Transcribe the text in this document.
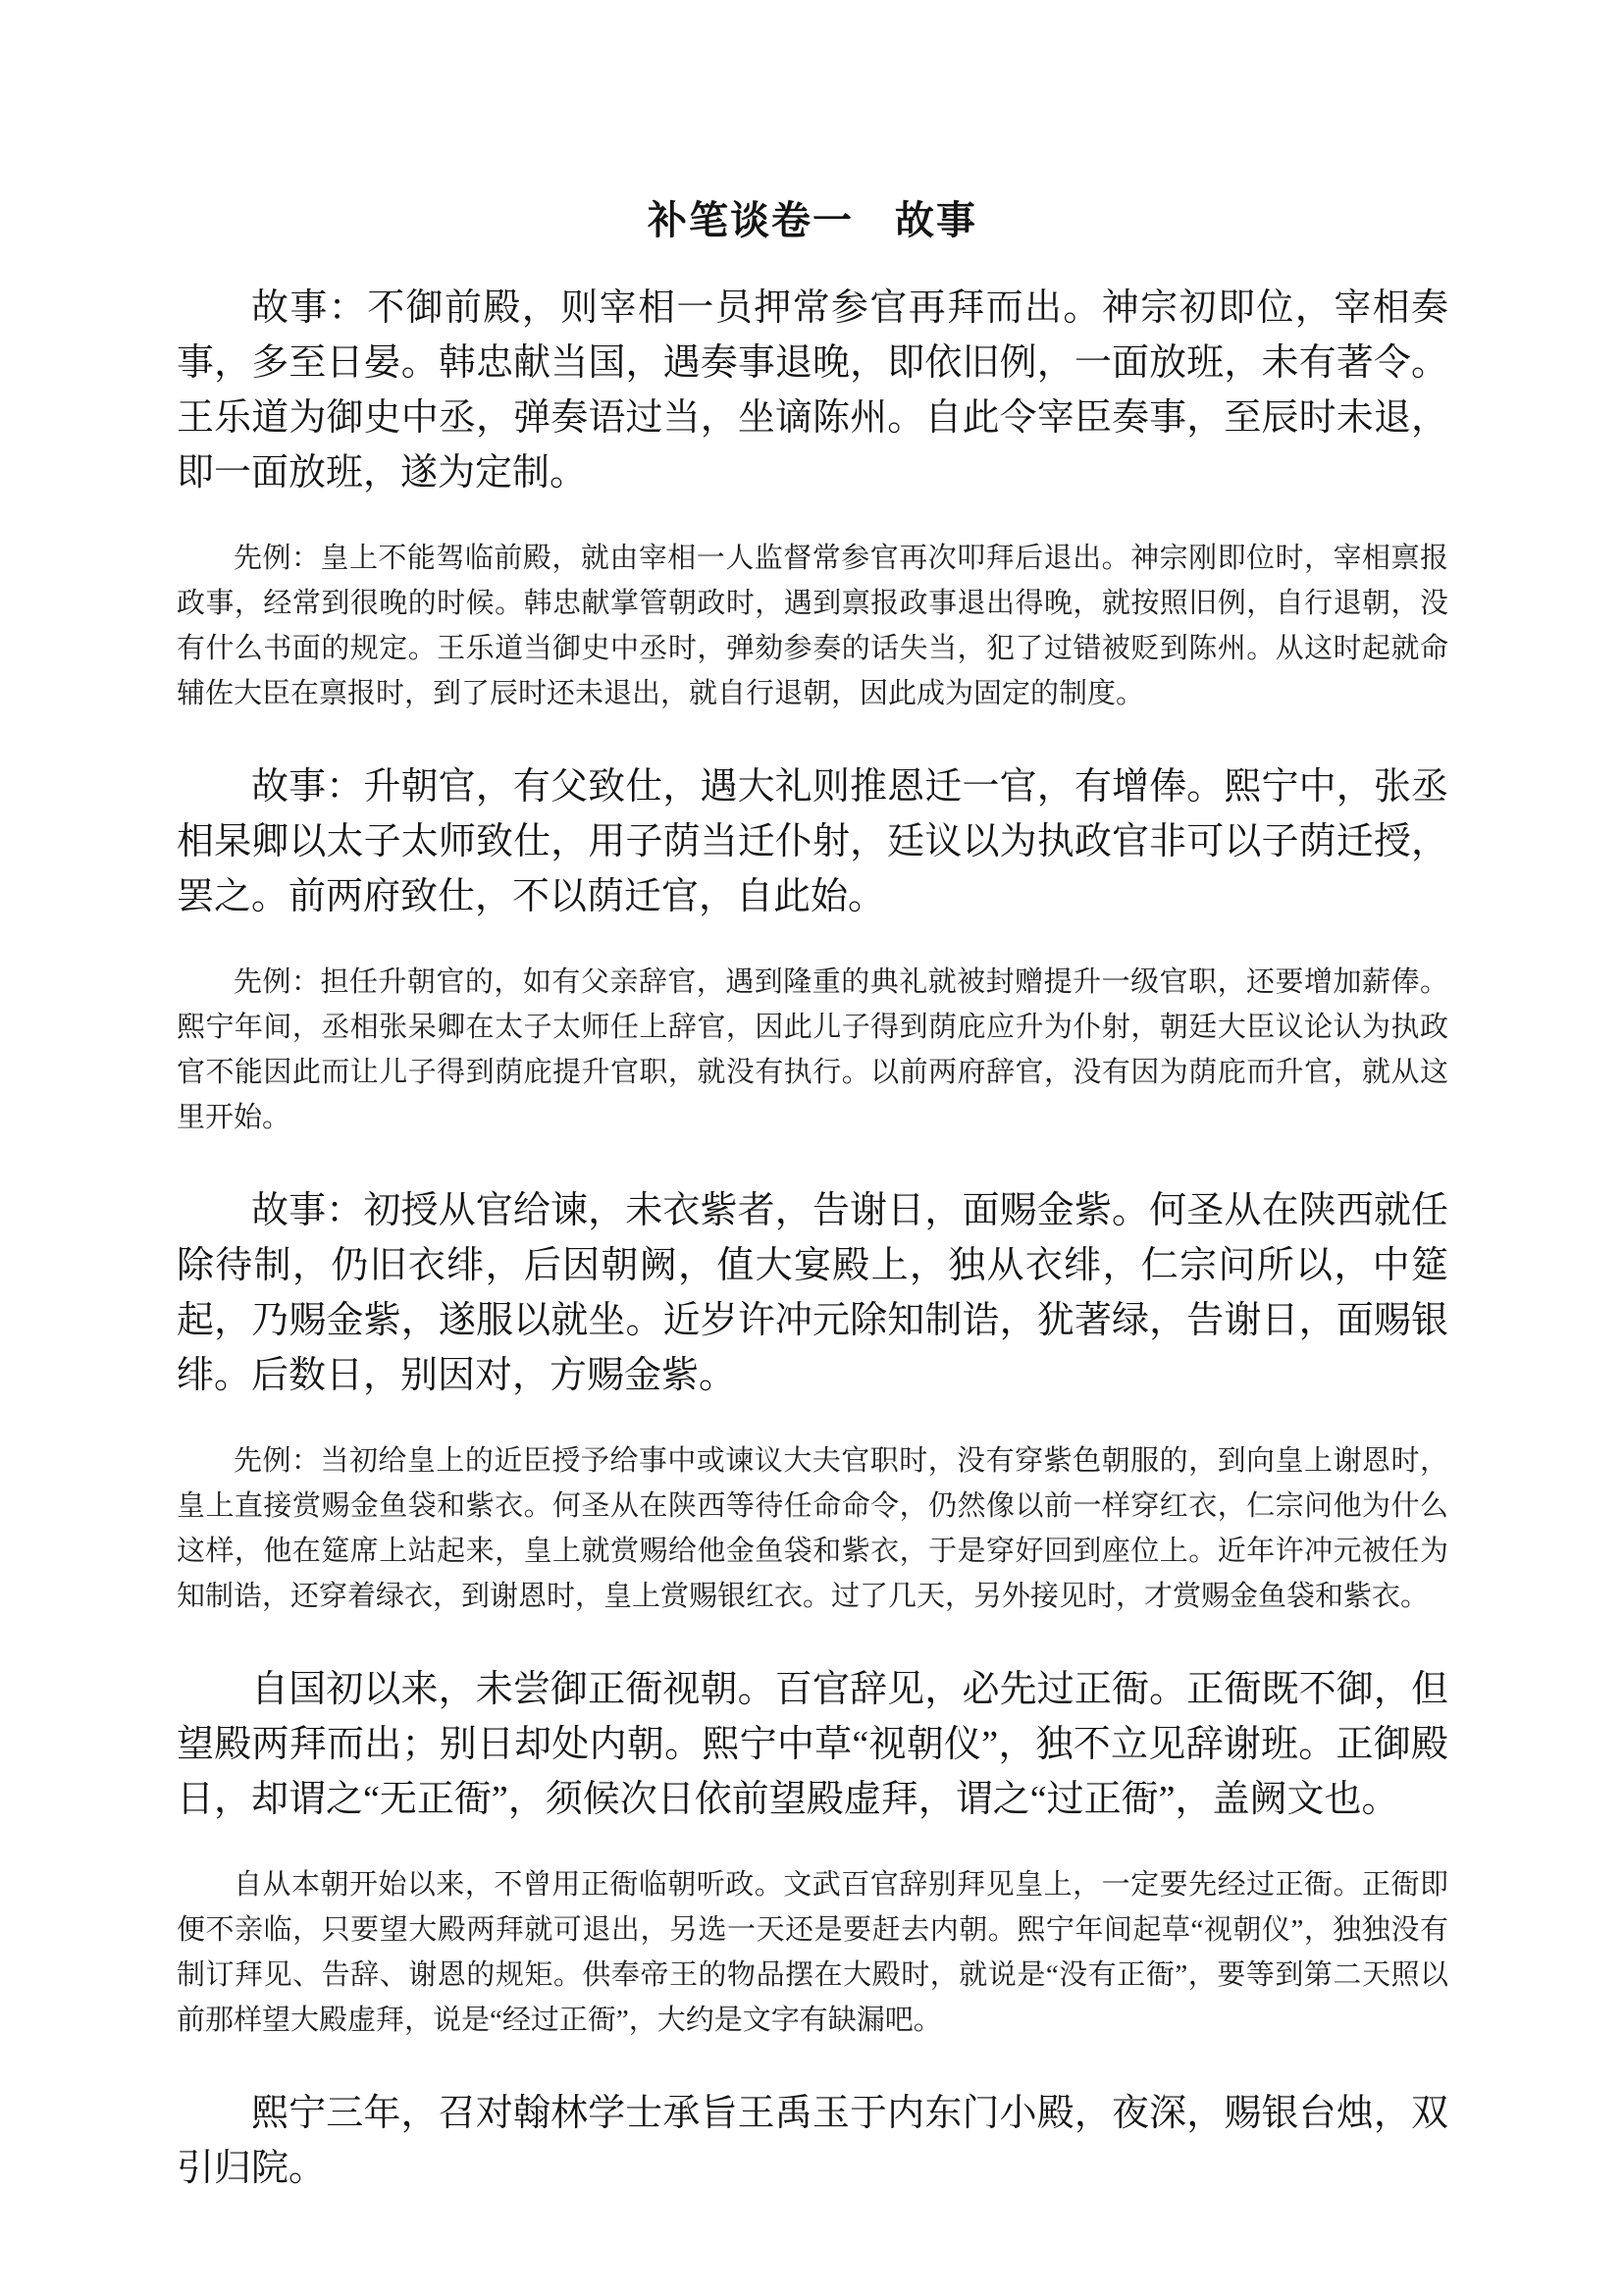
补笔谈卷一　故事

故事：不御前殿，则宰相一员押常参官再拜而出。神宗初即位，宰相奏事，多至日晏。韩忠献当国，遇奏事退晚，即依旧例，一面放班，未有著令。王乐道为御史中丞，弹奏语过当，坐谪陈州。自此令宰臣奏事，至辰时未退，即一面放班，遂为定制。

先例：皇上不能驾临前殿，就由宰相一人监督常参官再次叩拜后退出。神宗刚即位时，宰相禀报政事，经常到很晚的时候。韩忠献掌管朝政时，遇到禀报政事退出得晚，就按照旧例，自行退朝，没有什么书面的规定。王乐道当御史中丞时，弹劾参奏的话失当，犯了过错被贬到陈州。从这时起就命辅佐大臣在禀报时，到了辰时还未退出，就自行退朝，因此成为固定的制度。

故事：升朝官，有父致仕，遇大礼则推恩迁一官，有增俸。熙宁中，张丞相杲卿以太子太师致仕，用子荫当迁仆射，廷议以为执政官非可以子荫迁授，罢之。前两府致仕，不以荫迁官，自此始。

先例：担任升朝官的，如有父亲辞官，遇到隆重的典礼就被封赠提升一级官职，还要增加薪俸。熙宁年间，丞相张呆卿在太子太师任上辞官，因此儿子得到荫庇应升为仆射，朝廷大臣议论认为执政官不能因此而让儿子得到荫庇提升官职，就没有执行。以前两府辞官，没有因为荫庇而升官，就从这里开始。

故事：初授从官给谏，未衣紫者，告谢日，面赐金紫。何圣从在陕西就任除待制，仍旧衣绯，后因朝阙，值大宴殿上，独从衣绯，仁宗问所以，中筵起，乃赐金紫，遂服以就坐。近岁许冲元除知制诰，犹著绿，告谢日，面赐银绯。后数日，别因对，方赐金紫。

先例：当初给皇上的近臣授予给事中或谏议大夫官职时，没有穿紫色朝服的，到向皇上谢恩时，皇上直接赏赐金鱼袋和紫衣。何圣从在陕西等待任命命令，仍然像以前一样穿红衣，仁宗问他为什么这样，他在筵席上站起来，皇上就赏赐给他金鱼袋和紫衣，于是穿好回到座位上。近年许冲元被任为知制诰，还穿着绿衣，到谢恩时，皇上赏赐银红衣。过了几天，另外接见时，才赏赐金鱼袋和紫衣。

自国初以来，未尝御正衙视朝。百官辞见，必先过正衙。正衙既不御，但望殿两拜而出；别日却处内朝。熙宁中草“视朝仪”，独不立见辞谢班。正御殿日，却谓之“无正衙”，须候次日依前望殿虚拜，谓之“过正衙”，盖阙文也。

自从本朝开始以来，不曾用正衙临朝听政。文武百官辞别拜见皇上，一定要先经过正衙。正衙即便不亲临，只要望大殿两拜就可退出，另选一天还是要赶去内朝。熙宁年间起草“视朝仪”，独独没有制订拜见、告辞、谢恩的规矩。供奉帝王的物品摆在大殿时，就说是“没有正衙”，要等到第二天照以前那样望大殿虚拜，说是“经过正衙”，大约是文字有缺漏吧。

熙宁三年，召对翰林学士承旨王禹玉于内东门小殿，夜深，赐银台烛，双引归院。
